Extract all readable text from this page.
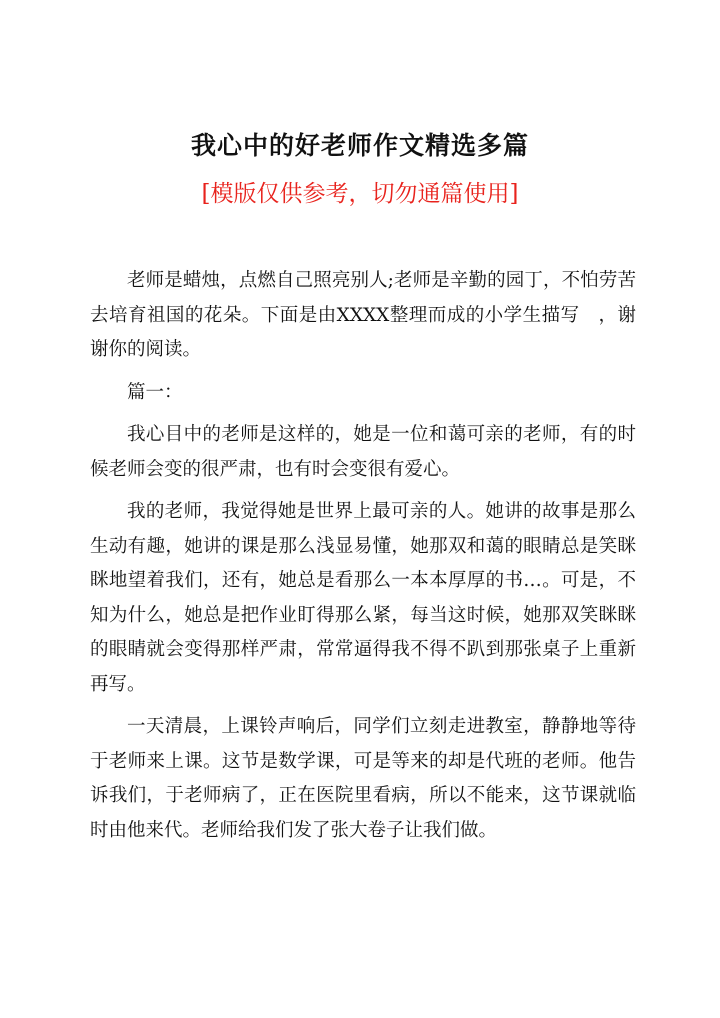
我心中的好老师作文精选多篇
[模版仅供参考，切勿通篇使用]

老师是蜡烛，点燃自己照亮别人;老师是辛勤的园丁，不怕劳苦去培育祖国的花朵。下面是由XXXX整理而成的小学生描写　，谢谢你的阅读。

篇一：

我心目中的老师是这样的，她是一位和蔼可亲的老师，有的时候老师会变的很严肃，也有时会变很有爱心。

我的老师，我觉得她是世界上最可亲的人。她讲的故事是那么生动有趣，她讲的课是那么浅显易懂，她那双和蔼的眼睛总是笑眯眯地望着我们，还有，她总是看那么一本本厚厚的书…。可是，不知为什么，她总是把作业盯得那么紧，每当这时候，她那双笑眯眯的眼睛就会变得那样严肃，常常逼得我不得不趴到那张桌子上重新再写。

一天清晨，上课铃声响后，同学们立刻走进教室，静静地等待于老师来上课。这节是数学课，可是等来的却是代班的老师。他告诉我们，于老师病了，正在医院里看病，所以不能来，这节课就临时由他来代。老师给我们发了张大卷子让我们做。
